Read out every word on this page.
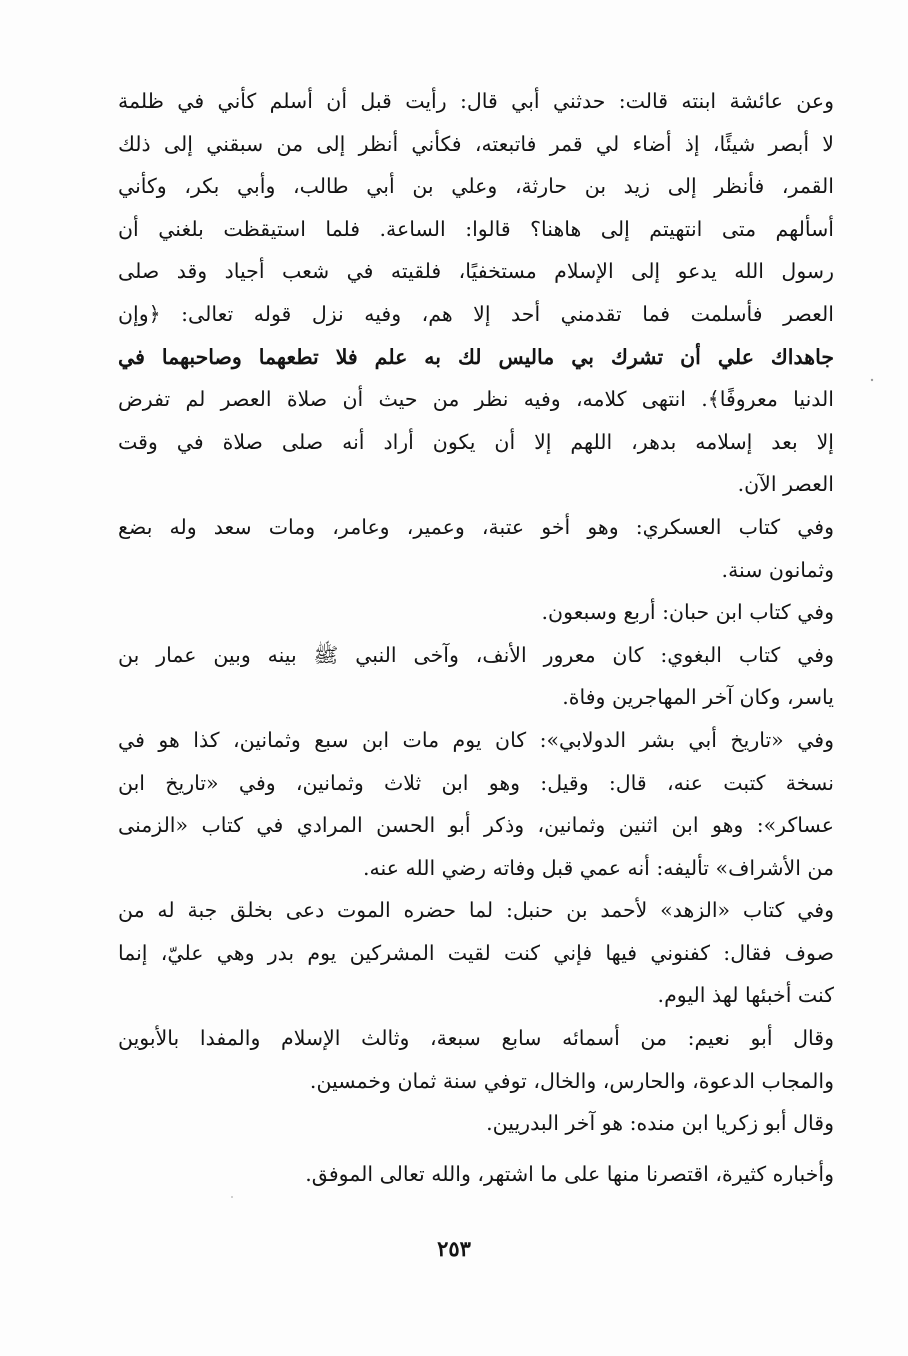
وعن عائشة ابنته قالت: حدثني أبي قال: رأيت قبل أن أسلم كأني في ظلمة
لا أبصر شيئًا، إذ أضاء لي قمر فاتبعته، فكأني أنظر إلى من سبقني إلى ذلك
القمر، فأنظر إلى زيد بن حارثة، وعلي بن أبي طالب، وأبي بكر، وكأني
أسألهم متى انتهيتم إلى هاهنا؟ قالوا: الساعة. فلما استيقظت بلغني أن
رسول الله يدعو إلى الإسلام مستخفيًا، فلقيته في شعب أجياد وقد صلى
العصر فأسلمت فما تقدمني أحد إلا هم، وفيه نزل قوله تعالى: ﴿وإن
جاهداك علي أن تشرك بي ماليس لك به علم فلا تطعهما وصاحبهما في
الدنيا معروفًا﴾. انتهى كلامه، وفيه نظر من حيث أن صلاة العصر لم تفرض
إلا بعد إسلامه بدهر، اللهم إلا أن يكون أراد أنه صلى صلاة في وقت
العصر الآن.
وفي كتاب العسكري: وهو أخو عتبة، وعمير، وعامر، ومات سعد وله بضع
وثمانون سنة.
وفي كتاب ابن حبان: أربع وسبعون.
وفي كتاب البغوي: كان معرور الأنف، وآخى النبي ﷺ بينه وبين عمار بن
ياسر، وكان آخر المهاجرين وفاة.
وفي «تاريخ أبي بشر الدولابي»: كان يوم مات ابن سبع وثمانين، كذا هو في
نسخة كتبت عنه، قال: وقيل: وهو ابن ثلاث وثمانين، وفي «تاريخ ابن
عساكر»: وهو ابن اثنين وثمانين، وذكر أبو الحسن المرادي في كتاب «الزمنى
من الأشراف» تأليفه: أنه عمي قبل وفاته رضي الله عنه.
وفي كتاب «الزهد» لأحمد بن حنبل: لما حضره الموت دعى بخلق جبة له من
صوف فقال: كفنوني فيها فإني كنت لقيت المشركين يوم بدر وهي عليّ، إنما
كنت أخبئها لهذ اليوم.
وقال أبو نعيم: من أسمائه سابع سبعة، وثالث الإسلام والمفدا بالأبوين
والمجاب الدعوة، والحارس، والخال، توفي سنة ثمان وخمسين.
وقال أبو زكريا ابن منده: هو آخر البدريين.
وأخباره كثيرة، اقتصرنا منها على ما اشتهر، والله تعالى الموفق.
٢٥٣
